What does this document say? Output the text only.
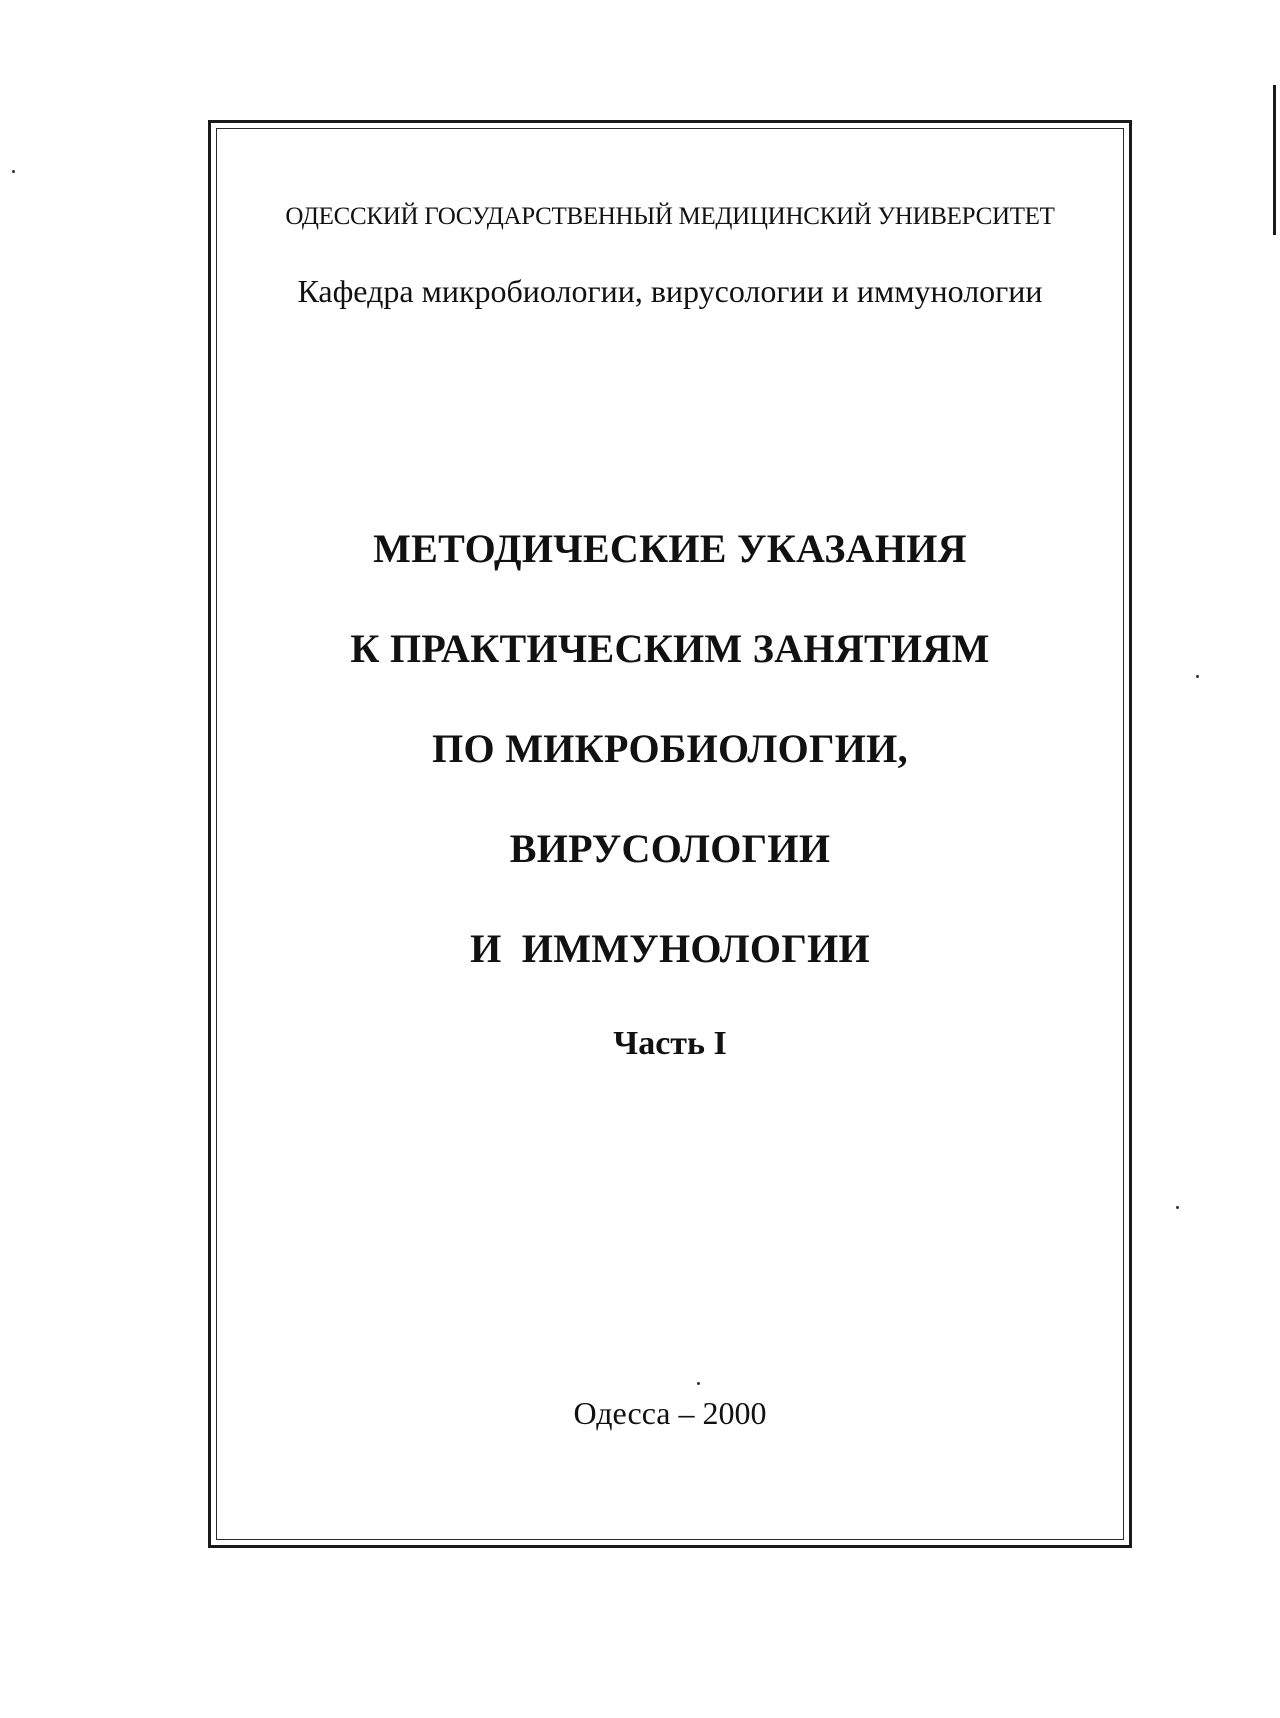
ОДЕССКИЙ ГОСУДАРСТВЕННЫЙ МЕДИЦИНСКИЙ УНИВЕРСИТЕТ
Кафедра микробиологии, вирусологии и иммунологии
МЕТОДИЧЕСКИЕ УКАЗАНИЯ
К ПРАКТИЧЕСКИМ ЗАНЯТИЯМ
ПО МИКРОБИОЛОГИИ,
ВИРУСОЛОГИИ
И ИММУНОЛОГИИ
Часть I
Одесса – 2000
